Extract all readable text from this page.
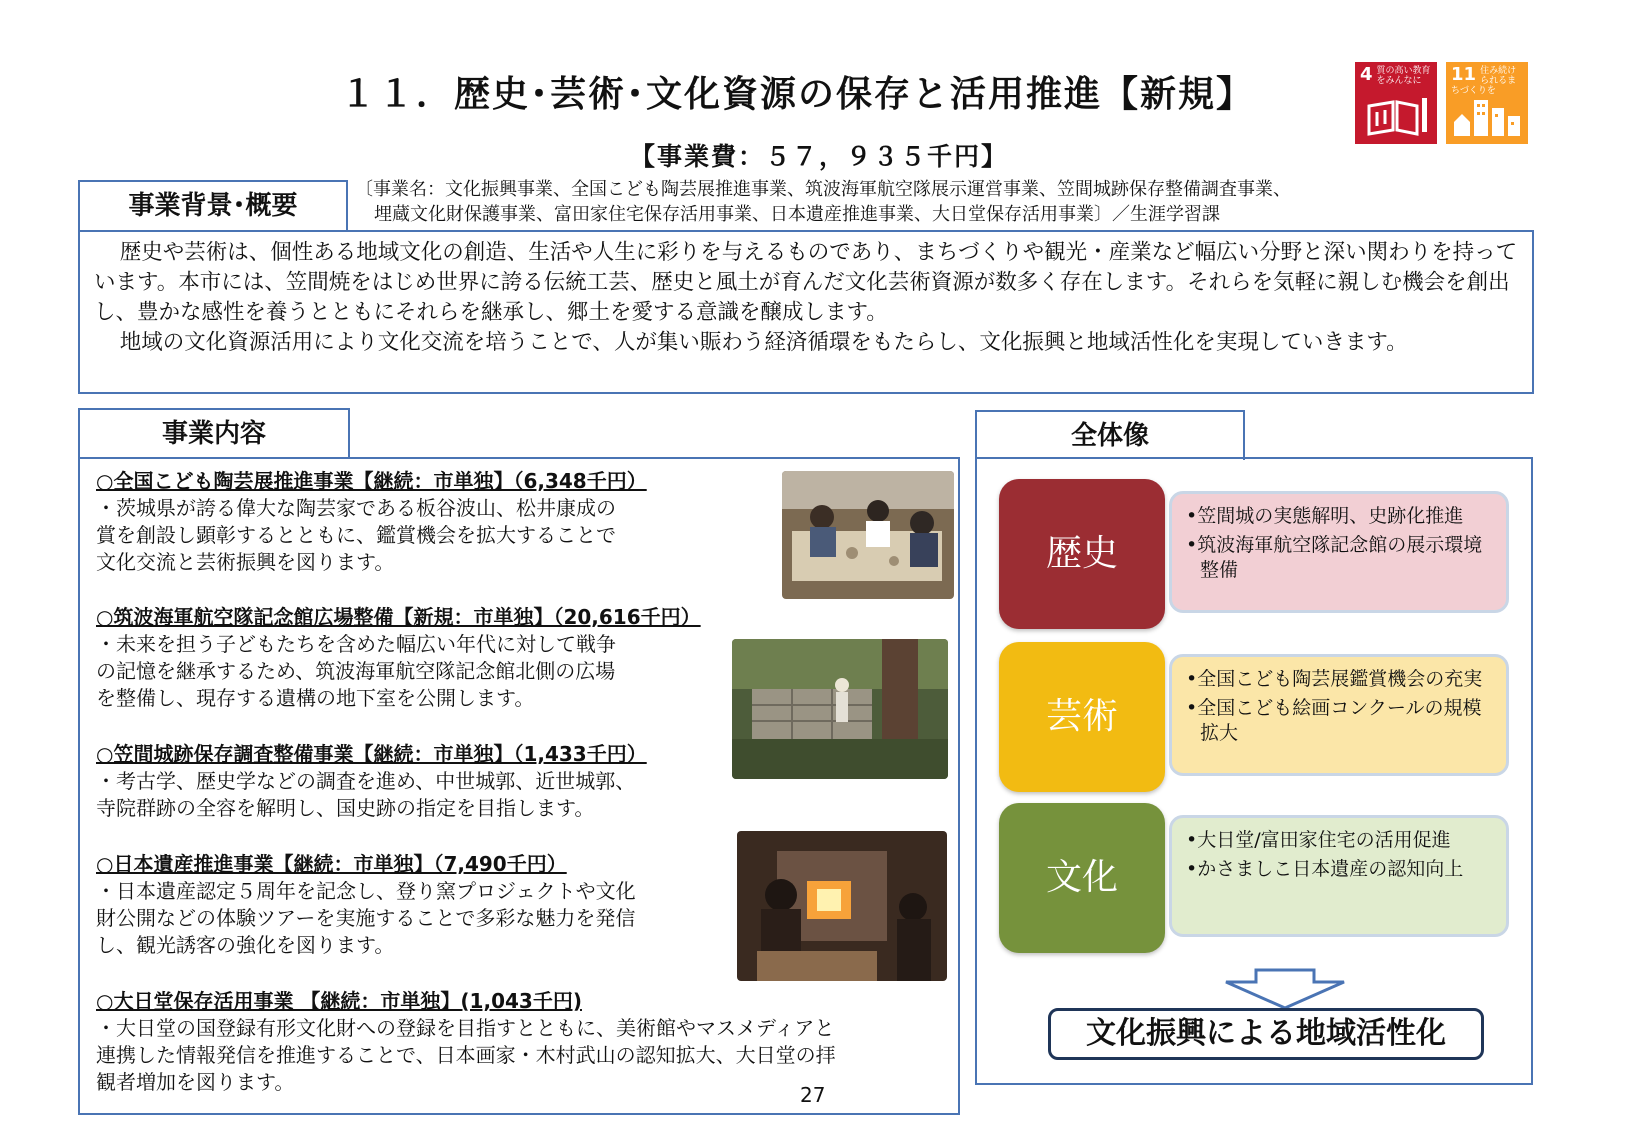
１１．歴史･芸術･文化資源の保存と活用推進【新規】
【事業費：５７，９３５千円】
4 質の高い教育をみんなに	11 住み続けられるまちづくりを
事業背景･概要
〔事業名：文化振興事業、全国こども陶芸展推進事業、筑波海軍航空隊展示運営事業、笠間城跡保存整備調査事業、
埋蔵文化財保護事業、富田家住宅保存活用事業、日本遺産推進事業、大日堂保存活用事業〕／生涯学習課

歴史や芸術は、個性ある地域文化の創造、生活や人生に彩りを与えるものであり、まちづくりや観光・産業など幅広い分野と深い関わりを持っています。本市には、笠間焼をはじめ世界に誇る伝統工芸、歴史と風土が育んだ文化芸術資源が数多く存在します。それらを気軽に親しむ機会を創出し、豊かな感性を養うとともにそれらを継承し、郷土を愛する意識を醸成します。

地域の文化資源活用により文化交流を培うことで、人が集い賑わう経済循環をもたらし、文化振興と地域活性化を実現していきます。

事業内容
○全国こども陶芸展推進事業【継続：市単独】（6,348千円）
・茨城県が誇る偉大な陶芸家である板谷波山、松井康成の
賞を創設し顕彰するとともに、鑑賞機会を拡大することで
文化交流と芸術振興を図ります。
○筑波海軍航空隊記念館広場整備【新規：市単独】（20,616千円）
・未来を担う子どもたちを含めた幅広い年代に対して戦争
の記憶を継承するため、筑波海軍航空隊記念館北側の広場
を整備し、現存する遺構の地下室を公開します。
○笠間城跡保存調査整備事業【継続：市単独】（1,433千円）
・考古学、歴史学などの調査を進め、中世城郭、近世城郭、
寺院群跡の全容を解明し、国史跡の指定を目指します。
○日本遺産推進事業【継続：市単独】（7,490千円）
・日本遺産認定５周年を記念し、登り窯プロジェクトや文化
財公開などの体験ツアーを実施することで多彩な魅力を発信
し、観光誘客の強化を図ります。
○大日堂保存活用事業 【継続：市単独】(1,043千円)
・大日堂の国登録有形文化財への登録を目指すとともに、美術館やマスメディアと
連携した情報発信を推進することで、日本画家・木村武山の認知拡大、大日堂の拝
観者増加を図ります。
27
全体像
•笠間城の実態解明、史跡化推進
•筑波海軍航空隊記念館の展示環境整備
歴史
•全国こども陶芸展鑑賞機会の充実
•全国こども絵画コンクールの規模拡大
芸術
•大日堂/富田家住宅の活用促進
•かさましこ日本遺産の認知向上
文化
文化振興による地域活性化
